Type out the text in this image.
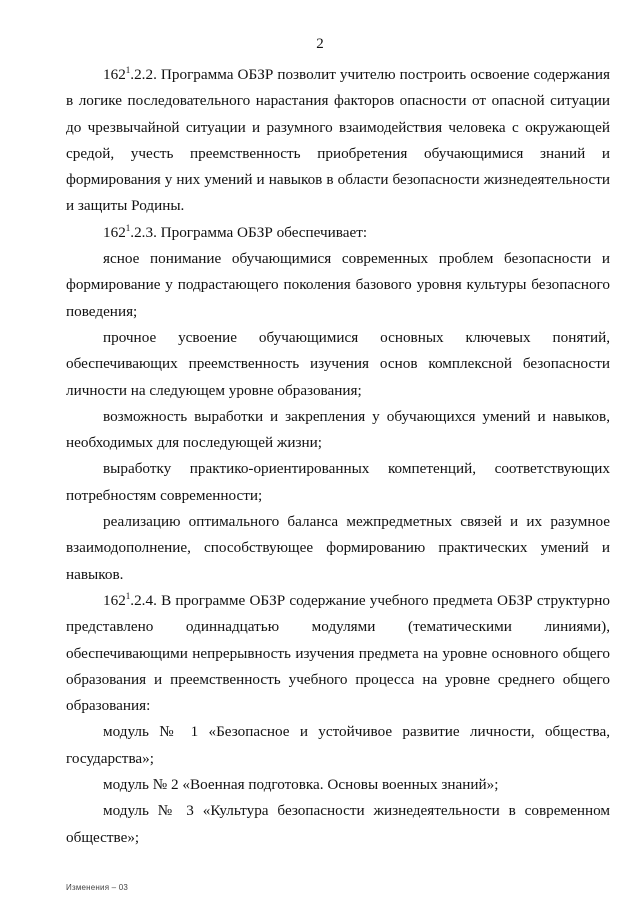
2

$162^1.2.2$. Программа ОБЗР позволит учителю построить освоение содержания в логике последовательного нарастания факторов опасности от опасной ситуации до чрезвычайной ситуации и разумного взаимодействия человека с окружающей средой, учесть преемственность приобретения обучающимися знаний и формирования у них умений и навыков в области безопасности жизнедеятельности и защиты Родины.

$162^1.2.3$. Программа ОБЗР обеспечивает:

ясное понимание обучающимися современных проблем безопасности и формирование у подрастающего поколения базового уровня культуры безопасного поведения;

прочное усвоение обучающимися основных ключевых понятий, обеспечивающих преемственность изучения основ комплексной безопасности личности на следующем уровне образования;

возможность выработки и закрепления у обучающихся умений и навыков, необходимых для последующей жизни;

выработку практико-ориентированных компетенций, соответствующих потребностям современности;

реализацию оптимального баланса межпредметных связей и их разумное взаимодополнение, способствующее формированию практических умений и навыков.

$162^1.2.4$. В программе ОБЗР содержание учебного предмета ОБЗР структурно представлено одиннадцатью модулями (тематическими линиями), обеспечивающими непрерывность изучения предмета на уровне основного общего образования и преемственность учебного процесса на уровне среднего общего образования:

модуль № 1 «Безопасное и устойчивое развитие личности, общества, государства»;

модуль № 2 «Военная подготовка. Основы военных знаний»;

модуль № 3 «Культура безопасности жизнедеятельности в современном обществе»;

Изменения – 03
